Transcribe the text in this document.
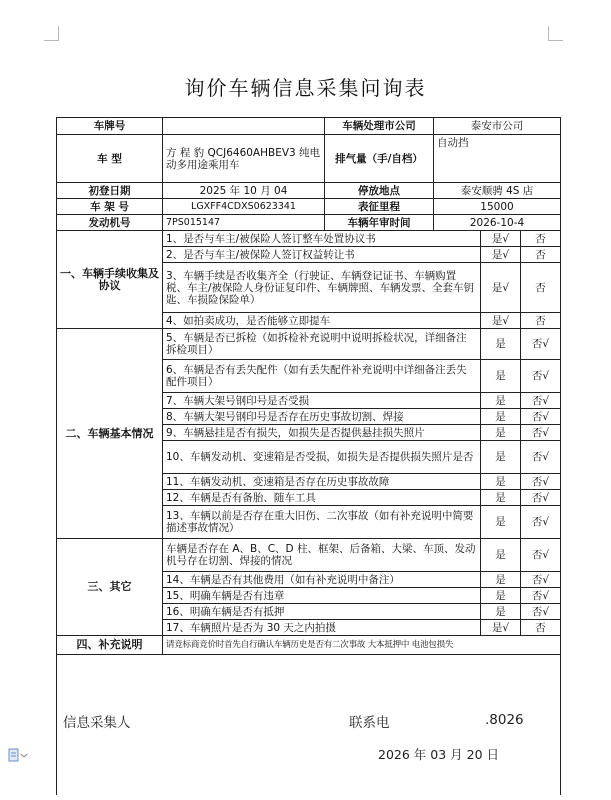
询价车辆信息采集问询表
车牌号		车辆处理市公司	泰安市公司		
车 型	方 程 豹 QCJ6460AHBEV3 纯电动多用途乘用车	排气量（手/自档）	自动挡		
初登日期	2025 年 10 月 04	停放地点	泰安顺骋 4S 店		
车 架 号	LGXFF4CDXS0623341	表征里程	15000		
发动机号	7PS015147	车辆年审时间	2026-10-4		
一、车辆手续收集及协议	1、是否与车主/被保险人签订整车处置协议书			是√	否
	2、是否与车主/被保险人签订权益转让书			是√	否
	3、车辆手续是否收集齐全（行驶证、车辆登记证书、车辆购置税、车主/被保险人身份证复印件、车辆牌照、车辆发票、全套车钥匙、车损险保险单）			是√	否
	4、如拍卖成功，是否能够立即提车			是√	否
二、车辆基本情况	5、车辆是否已拆检（如拆检补充说明中说明拆检状况，详细备注拆检项目）			是	否√
	6、车辆是否有丢失配件（如有丢失配件补充说明中详细备注丢失配件项目）			是	否√
	7、车辆大架号钢印号是否受损			是	否√
	8、车辆大架号钢印号是否存在历史事故切割、焊接			是	否√
	9、车辆悬挂是否有损失，如损失是否提供悬挂损失照片			是	否√
	10、车辆发动机、变速箱是否受损，如损失是否提供损失照片是否			是	否√
	11、车辆发动机、变速箱是否存在历史事故故障			是	否√
	12、车辆是否有备胎、随车工具			是	否√
	13、车辆以前是否存在重大旧伤、二次事故（如有补充说明中简要描述事故情况）			是	否√
三、其它	车辆是否存在 A、B、C、D 柱、框架、后备箱、大梁、车顶、发动机号存在切割、焊接的情况			是	否√
	14、车辆是否有其他费用（如有补充说明中备注）			是	否√
	15、明确车辆是否有违章			是	否√
	16、明确车辆是否有抵押			是	否√
	17、车辆照片是否为 30 天之内拍摄			是√	否
四、补充说明	请竞标商竞价时首先自行确认车辆历史是否有二次事故 大本抵押中 电池包损失				

信息采集人	联系电	.8026
2026 年 03 月 20 日
